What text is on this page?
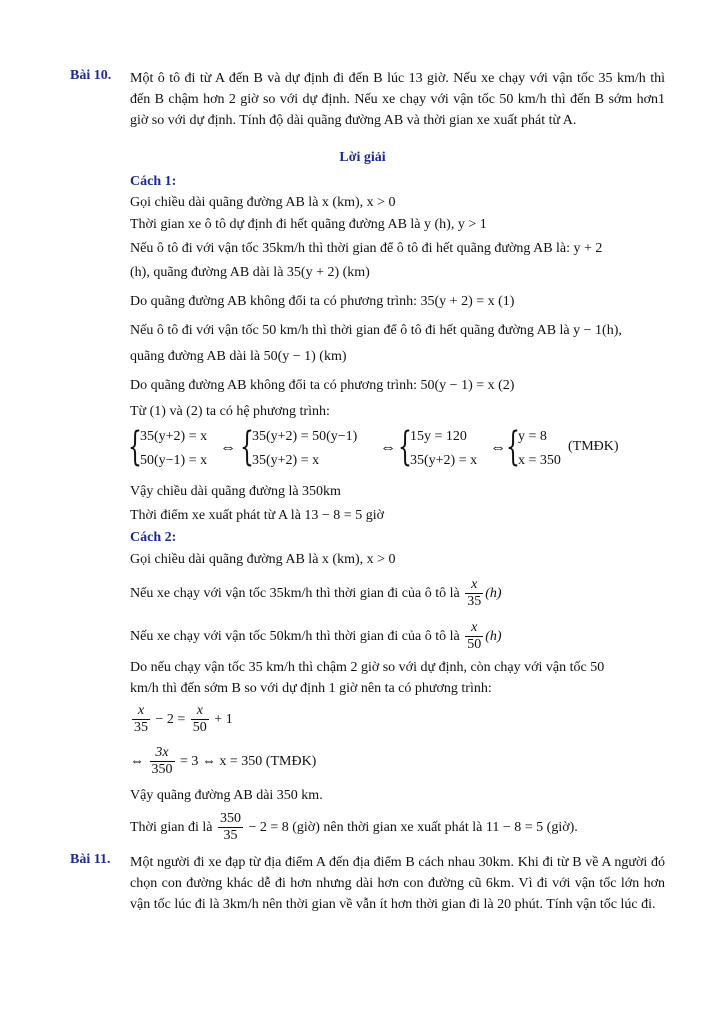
Bài 10. Một ô tô đi từ A đến B và dự định đi đến B lúc 13 giờ. Nếu xe chạy với vận tốc 35 km/h thì đến B chậm hơn 2 giờ so với dự định. Nếu xe chạy với vận tốc 50 km/h thì đến B sớm hơn1 giờ so với dự định. Tính độ dài quãng đường AB và thời gian xe xuất phát từ A.
Lời giải
Cách 1:
Gọi chiều dài quãng đường AB là x (km), x > 0
Thời gian xe ô tô dự định đi hết quãng đường AB là y (h), y > 1
Nếu ô tô đi với vận tốc 35km/h thì thời gian để ô tô đi hết quãng đường AB là: y + 2
(h), quãng đường AB dài là 35(y + 2) (km)
Do quãng đường AB không đổi ta có phương trình: 35(y + 2) = x (1)
Nếu ô tô đi với vận tốc 50 km/h thì thời gian để ô tô đi hết quãng đường AB là y − 1(h),
quãng đường AB dài là 50(y − 1) (km)
Do quãng đường AB không đổi ta có phương trình: 50(y − 1) = x (2)
Từ (1) và (2) ta có hệ phương trình:
{
35(y+2) = x
50(y−1) = x
⇔ {
35(y+2) = 50(y−1)
35(y+2) = x
⇔ {
15y = 120
35(y+2) = x
⇔ {
y = 8
x = 350
(TMĐK)
Vậy chiều dài quãng đường là 350km
Thời điểm xe xuất phát từ A là 13 − 8 = 5 giờ
Cách 2:
Gọi chiều dài quãng đường AB là x (km), x > 0
Nếu xe chạy với vận tốc 35km/h thì thời gian đi của ô tô là $\frac{x}{35} (h)$
Nếu xe chạy với vận tốc 50km/h thì thời gian đi của ô tô là $\frac{x}{50} (h)$
Do nếu chạy vận tốc 35 km/h thì chậm 2 giờ so với dự định, còn chạy với vận tốc 50
km/h thì đến sớm B so với dự định 1 giờ nên ta có phương trình:
$\frac{x}{35} - 2 = \frac{x}{50} + 1$
⇔ $\frac{3x}{350} = 3$ ⇔ x = 350 (TMĐK)
Vậy quãng đường AB dài 350 km.
Thời gian đi là $\frac{350}{35} - 2 = 8$ (giờ) nên thời gian xe xuất phát là 11 − 8 = 5 (giờ).
Bài 11. Một người đi xe đạp từ địa điểm A đến địa điểm B cách nhau 30km. Khi đi từ B về A người đó chọn con đường khác dễ đi hơn nhưng dài hơn con đường cũ 6km. Vì đi với vận tốc lớn hơn vận tốc lúc đi là 3km/h nên thời gian về vẫn ít hơn thời gian đi là 20 phút. Tính vận tốc lúc đi.
